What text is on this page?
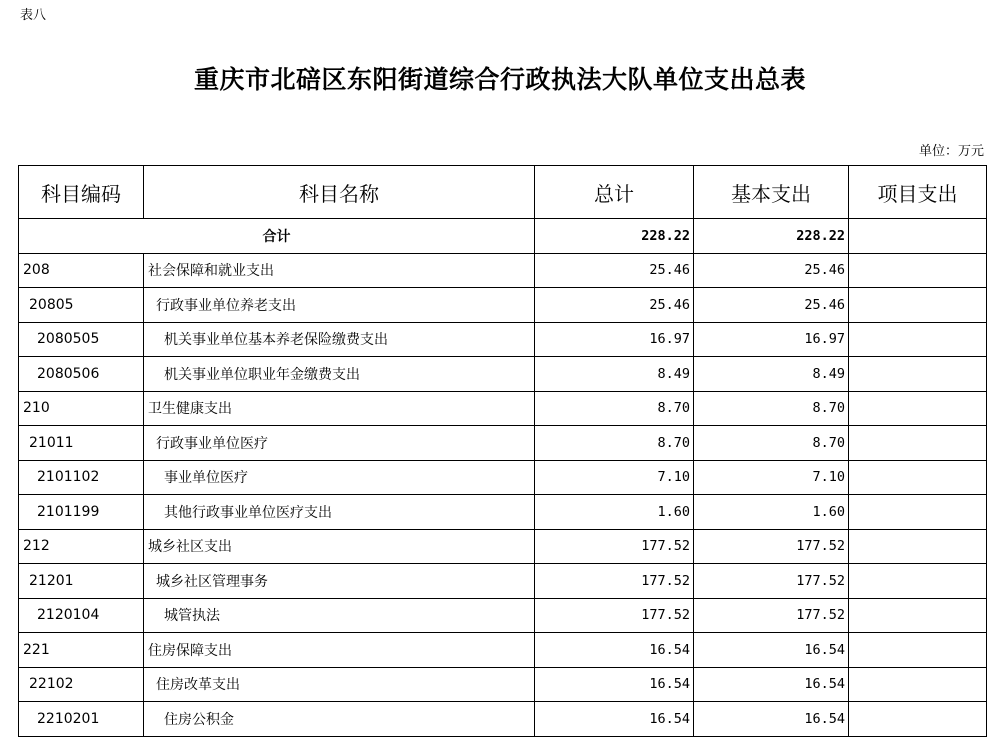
表八
重庆市北碚区东阳街道综合行政执法大队单位支出总表
单位：万元
科目编码	科目名称	总计	基本支出	项目支出
合计		228.22	228.22	
208	社会保障和就业支出	25.46	25.46	
20805	行政事业单位养老支出	25.46	25.46	
2080505	机关事业单位基本养老保险缴费支出	16.97	16.97	
2080506	机关事业单位职业年金缴费支出	8.49	8.49	
210	卫生健康支出	8.70	8.70	
21011	行政事业单位医疗	8.70	8.70	
2101102	事业单位医疗	7.10	7.10	
2101199	其他行政事业单位医疗支出	1.60	1.60	
212	城乡社区支出	177.52	177.52	
21201	城乡社区管理事务	177.52	177.52	
2120104	城管执法	177.52	177.52	
221	住房保障支出	16.54	16.54	
22102	住房改革支出	16.54	16.54	
2210201	住房公积金	16.54	16.54	
